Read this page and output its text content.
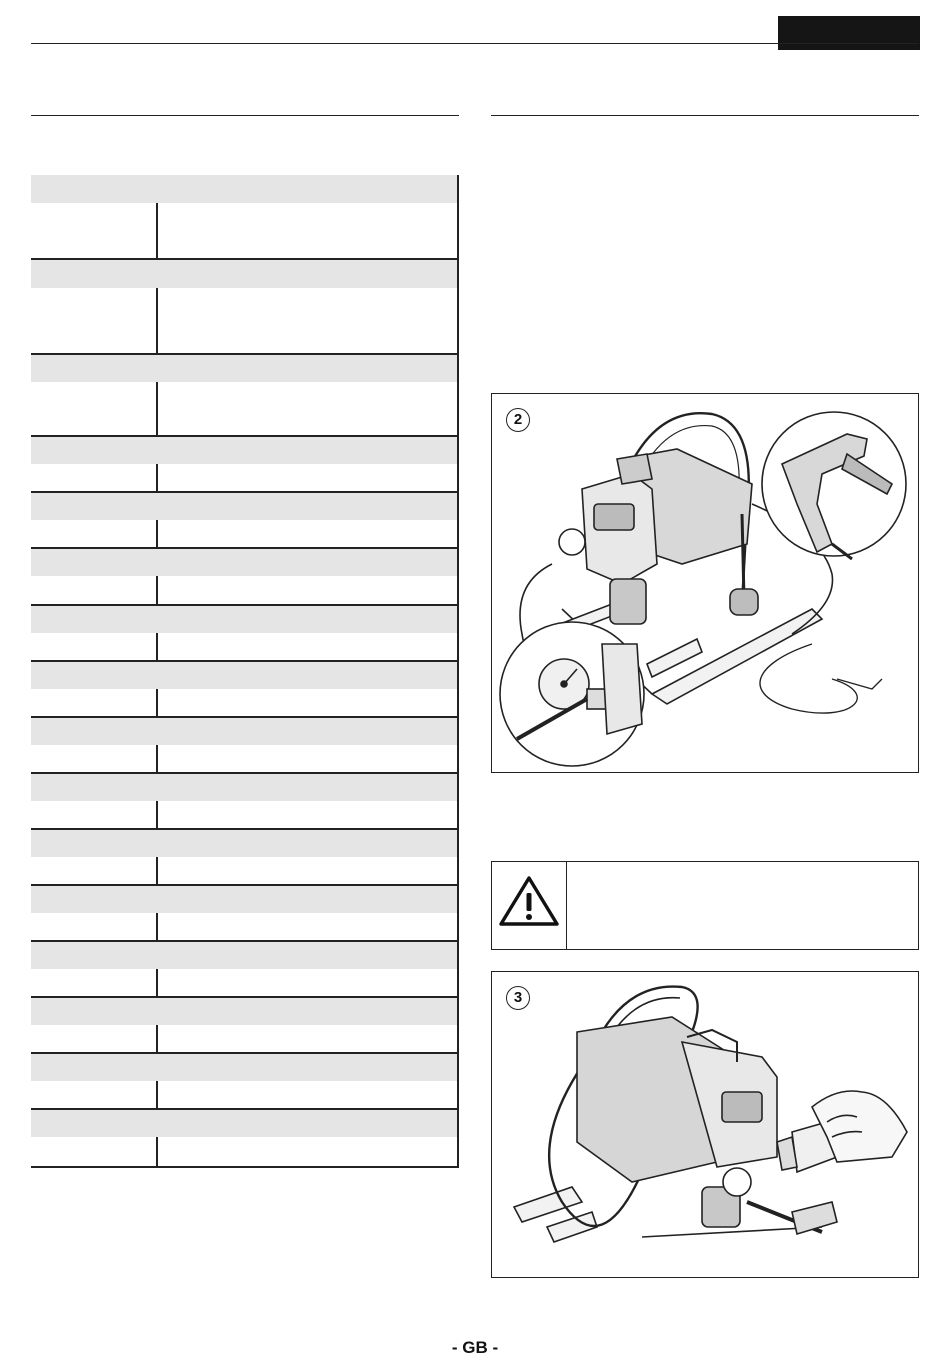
2
3
- GB -
